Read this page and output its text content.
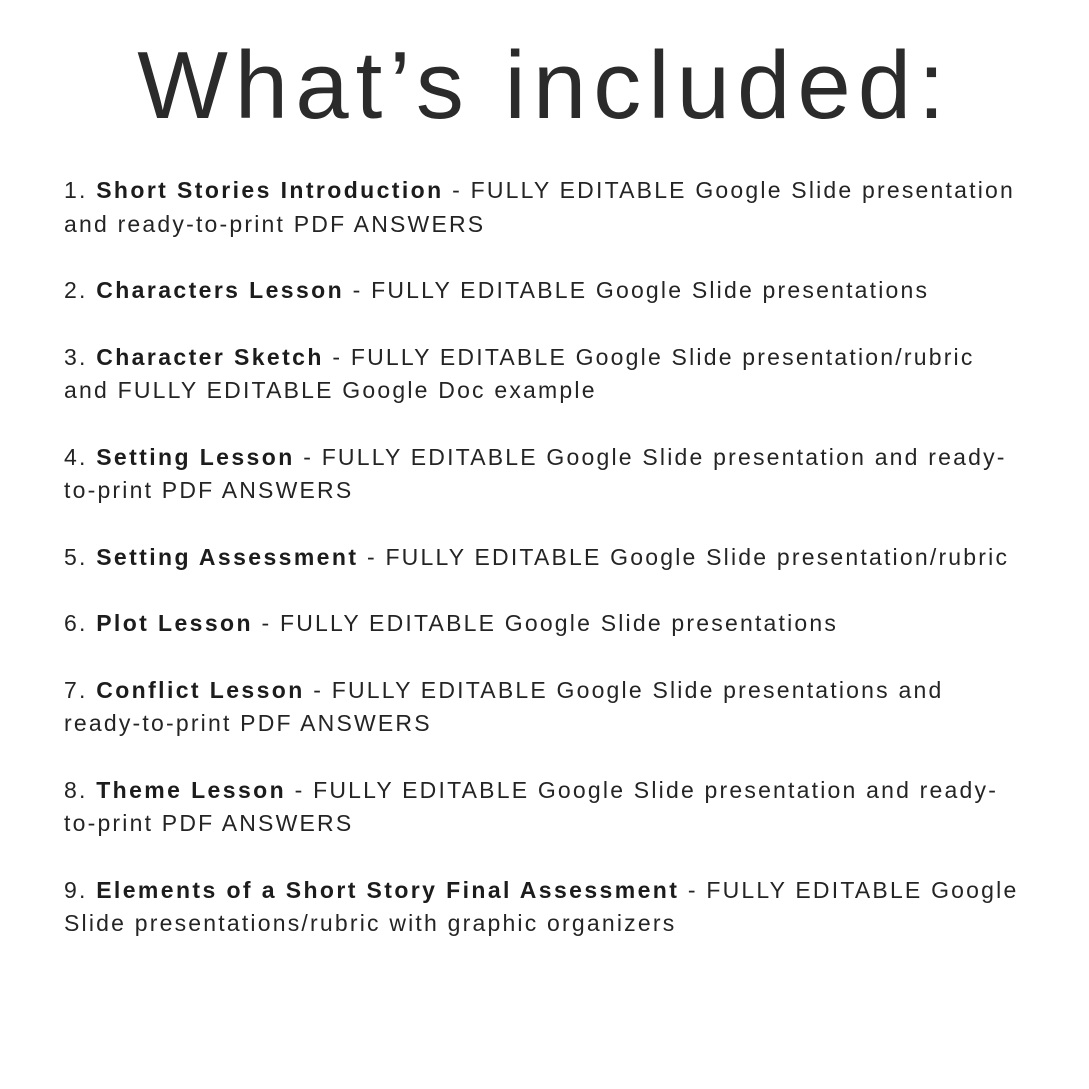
What’s included:

1. Short Stories Introduction - FULLY EDITABLE Google Slide presentation and ready-to-print PDF ANSWERS

2. Characters Lesson - FULLY EDITABLE Google Slide presentations

3. Character Sketch - FULLY EDITABLE Google Slide presentation/rubric and FULLY EDITABLE Google Doc example

4. Setting Lesson - FULLY EDITABLE Google Slide presentation and ready-to-print PDF ANSWERS

5. Setting Assessment - FULLY EDITABLE Google Slide presentation/rubric

6. Plot Lesson - FULLY EDITABLE Google Slide presentations

7. Conflict Lesson - FULLY EDITABLE Google Slide presentations and ready-to-print PDF ANSWERS

8. Theme Lesson - FULLY EDITABLE Google Slide presentation and ready-to-print PDF ANSWERS

9. Elements of a Short Story Final Assessment - FULLY EDITABLE Google Slide presentations/rubric with graphic organizers
